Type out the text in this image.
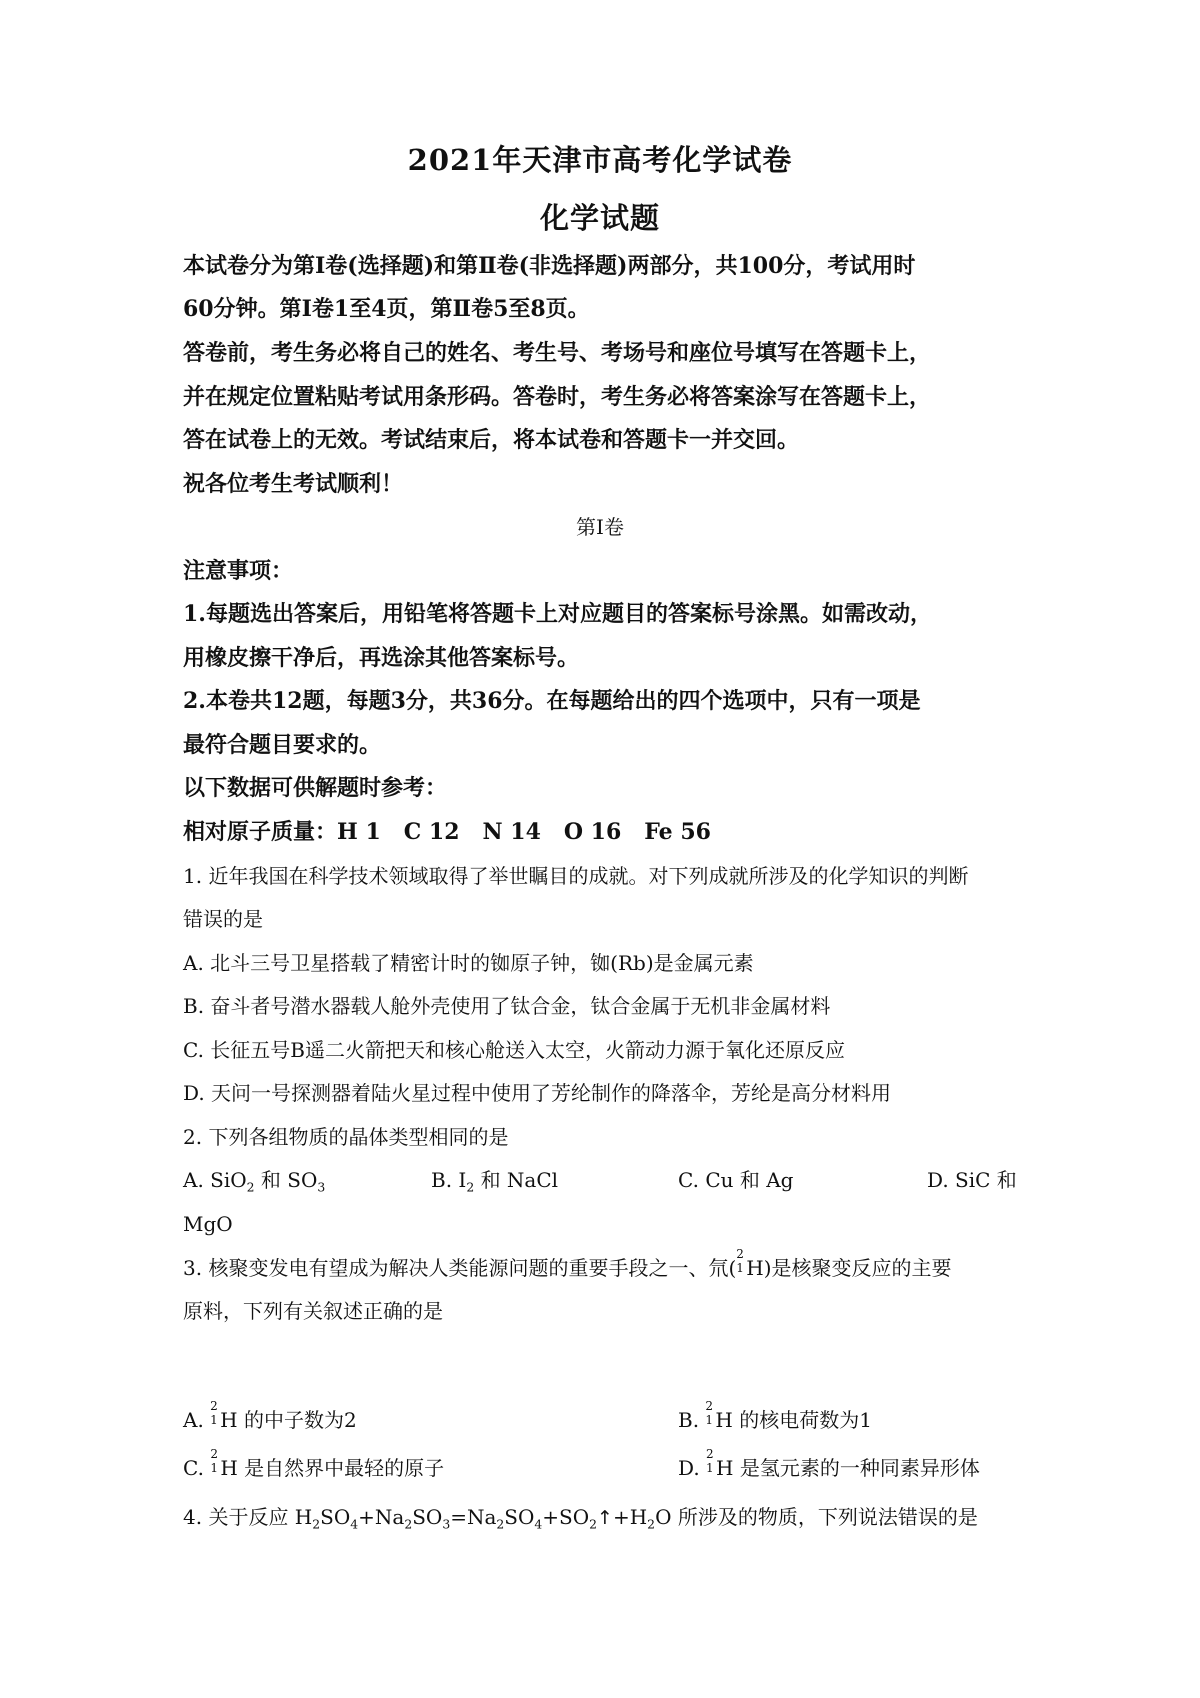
2021年天津市高考化学试卷
化学试题
本试卷分为第Ⅰ卷(选择题)和第Ⅱ卷(非选择题)两部分，共100分，考试用时
60分钟。第Ⅰ卷1至4页，第Ⅱ卷5至8页。
答卷前，考生务必将自己的姓名、考生号、考场号和座位号填写在答题卡上，
并在规定位置粘贴考试用条形码。答卷时，考生务必将答案涂写在答题卡上，
答在试卷上的无效。考试结束后，将本试卷和答题卡一并交回。
祝各位考生考试顺利！
第Ⅰ卷
注意事项：
1.每题选出答案后，用铅笔将答题卡上对应题目的答案标号涂黑。如需改动，
用橡皮擦干净后，再选涂其他答案标号。
2.本卷共12题，每题3分，共36分。在每题给出的四个选项中，只有一项是
最符合题目要求的。
以下数据可供解题时参考：
相对原子质量：H 1   C 12   N 14   O 16   Fe 56
1. 近年我国在科学技术领域取得了举世瞩目的成就。对下列成就所涉及的化学知识的判断
错误的是
A. 北斗三号卫星搭载了精密计时的铷原子钟，铷(Rb)是金属元素
B. 奋斗者号潜水器载人舱外壳使用了钛合金，钛合金属于无机非金属材料
C. 长征五号B遥二火箭把天和核心舱送入太空，火箭动力源于氧化还原反应
D. 天问一号探测器着陆火星过程中使用了芳纶制作的降落伞，芳纶是高分材料用
2. 下列各组物质的晶体类型相同的是
A. SiO$_2$ 和 $SO_3$	B. $I_2$ 和 NaCl	C. Cu 和 Ag	D. SiC 和
MgO
3. 核聚变发电有望成为解决人类能源问题的重要手段之一、氘(
2
1 H)是核聚变反应的主要
原料，下列有关叙述正确的是
A.
2
1 H 的中子数为2	B.
2
1 H 的核电荷数为1
C.
2
1 H 是自然界中最轻的原子	D.
2
1 H 是氢元素的一种同素异形体
4. 关于反应 $H_2SO_4+Na_2SO_3=Na_2SO_4+SO_2↑+H_2O$ 所涉及的物质，下列说法错误的是
